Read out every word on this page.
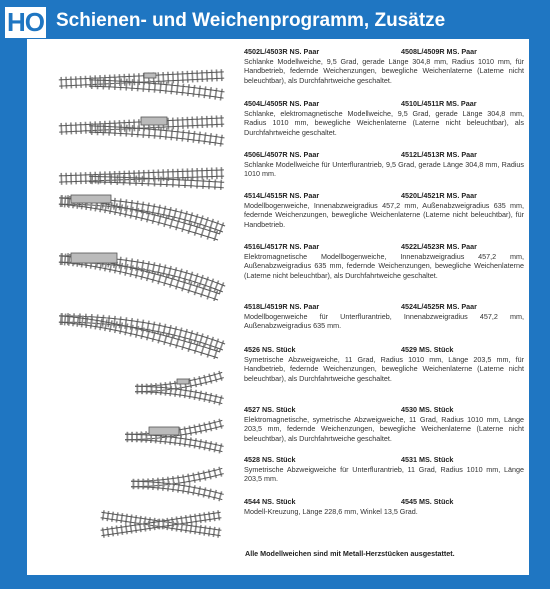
HO Schienen- und Weichenprogramm, Zusätze
4502L/4503R NS. Paar	4508L/4509R MS. Paar
Schlanke Modellweiche, 9,5 Grad, gerade Länge 304,8 mm, Radius 1010 mm, für Handbetrieb, federnde Weichenzungen, bewegliche Weichenlaterne (Laterne nicht beleuchtbar), als Durchfahrtweiche geschaltet.
4504L/4505R NS. Paar	4510L/4511R MS. Paar
Schlanke, elektromagnetische Modellweiche, 9,5 Grad, gerade Länge 304,8 mm, Radius 1010 mm, bewegliche Weichenlaterne (Laterne nicht beleuchtbar), als Durchfahrtweiche geschaltet.
4506L/4507R NS. Paar	4512L/4513R MS. Paar
Schlanke Modellweiche für Unterflurantrieb, 9,5 Grad, gerade Länge 304,8 mm, Radius 1010 mm.
4514L/4515R NS. Paar	4520L/4521R MS. Paar
Modellbogenweiche, Innenabzweigradius 457,2 mm, Außenabzweigradius 635 mm, federnde Weichenzungen, bewegliche Weichenlaterne (Laterne nicht beleuchtbar), für Handbetrieb.
4516L/4517R NS. Paar	4522L/4523R MS. Paar
Elektromagnetische Modellbogenweiche, Innenabzweigradius 457,2 mm, Außenabzweigradius 635 mm, federnde Weichenzungen, bewegliche Weichenlaterne (Laterne nicht beleuchtbar), als Durchfahrtweiche geschaltet.
4518L/4519R NS. Paar	4524L/4525R MS. Paar
Modellbogenweiche für Unterflurantrieb, Innenabzweigradius 457,2 mm, Außenabzweigradius 635 mm.
4526 NS. Stück	4529 MS. Stück
Symetrische Abzweigweiche, 11 Grad, Radius 1010 mm, Länge 203,5 mm, für Handbetrieb, federnde Weichenzungen, bewegliche Weichenlaterne (Laterne nicht beleuchtbar), als Durchfahrtweiche geschaltet.
4527 NS. Stück	4530 MS. Stück
Elektromagnetische, symetrische Abzweigweiche, 11 Grad, Radius 1010 mm, Länge 203,5 mm, federnde Weichenzungen, bewegliche Weichenlaterne (Laterne nicht beleuchtbar), als Durchfahrtweiche geschaltet.
4528 NS. Stück	4531 MS. Stück
Symetrische Abzweigweiche für Unterflurantrieb, 11 Grad, Radius 1010 mm, Länge 203,5 mm.
4544 NS. Stück	4545 MS. Stück
Modell-Kreuzung, Länge 228,6 mm, Winkel 13,5 Grad.
Alle Modellweichen sind mit Metall-Herzstücken ausgestattet.
